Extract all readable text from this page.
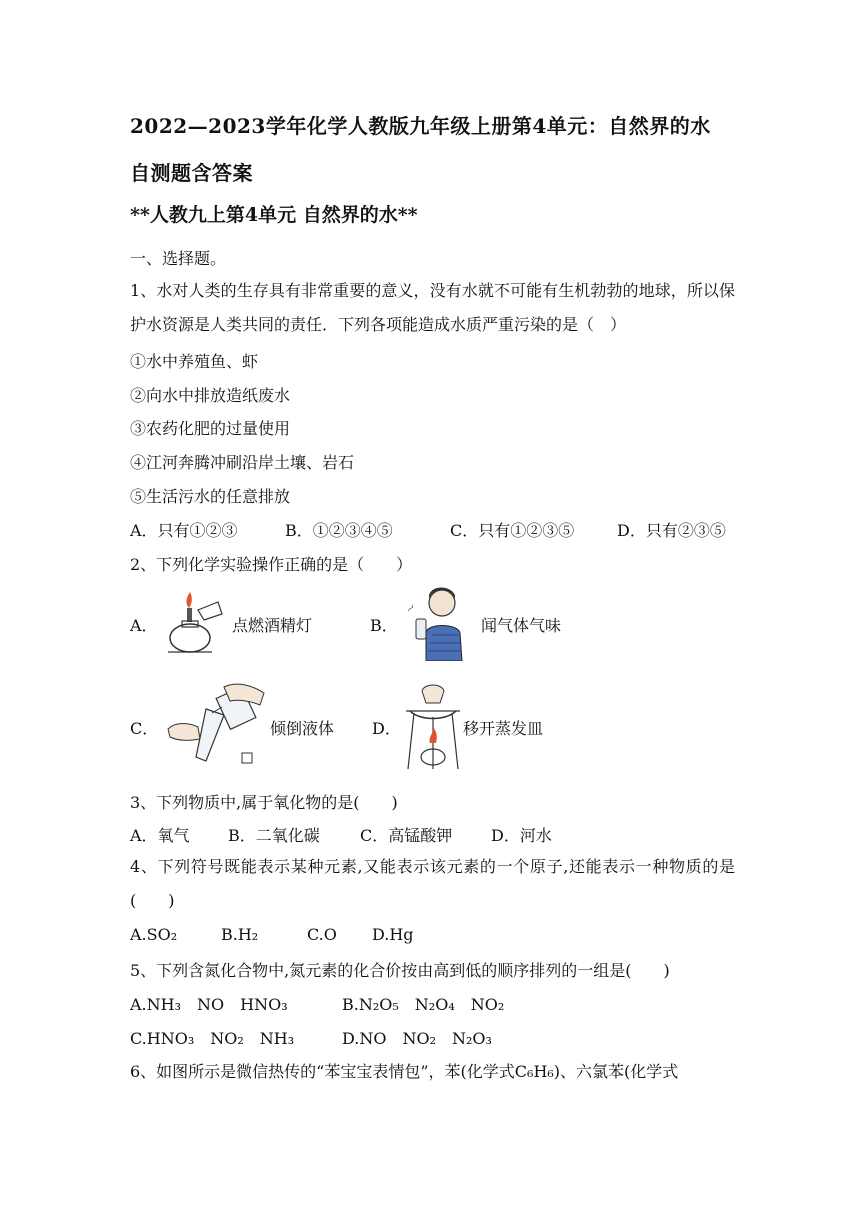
2022—2023学年化学人教版九年级上册第4单元：自然界的水　自测题含答案
**人教九上第4单元 自然界的水**
一、选择题。
1、水对人类的生存具有非常重要的意义，没有水就不可能有生机勃勃的地球，所以保护水资源是人类共同的责任．下列各项能造成水质严重污染的是（　）
①水中养殖鱼、虾
②向水中排放造纸废水
③农药化肥的过量使用
④江河奔腾冲刷沿岸土壤、岩石
⑤生活污水的任意排放
A．只有①②③	B．①②③④⑤	C．只有①②③⑤	D．只有②③⑤
2、下列化学实验操作正确的是（　　）
A．	点燃酒精灯	B．	闻气体气味
C．	倾倒液体 D．	移开蒸发皿
3、下列物质中,属于氧化物的是(　　)
A．氧气 B．二氧化碳	C．高锰酸钾 D．河水
4、下列符号既能表示某种元素,又能表示该元素的一个原子,还能表示一种物质的是(　　)
A.SO₂	B.H₂	C.O D.Hg
5、下列含氮化合物中,氮元素的化合价按由高到低的顺序排列的一组是(　　)
A.NH₃　NO　HNO₃	B.N₂O₅　N₂O₄　NO₂
C.HNO₃　NO₂　NH₃	D.NO　NO₂　N₂O₃
6、如图所示是微信热传的“苯宝宝表情包”，苯(化学式C₆H₆)、六氯苯(化学式
